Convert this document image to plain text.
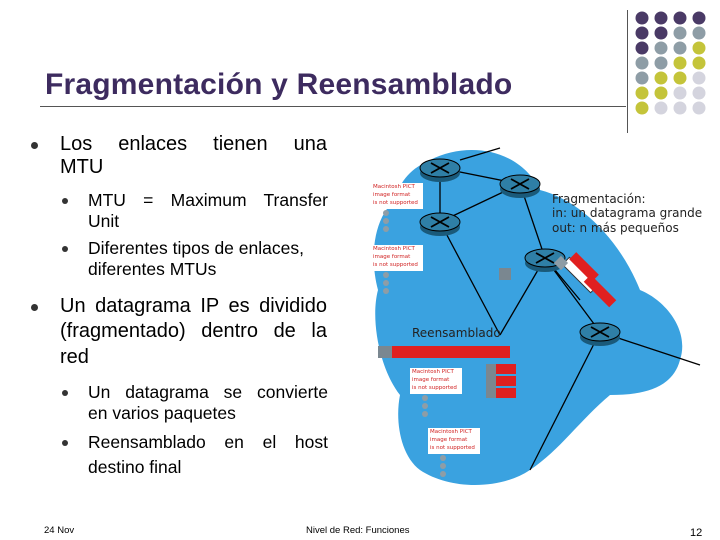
Fragmentación y Reensamblado
Los enlaces tienen una
MTU
MTU = Maximum Transfer
Unit
Diferentes tipos de enlaces,
diferentes MTUs
Un datagrama IP es dividido
(fragmentado) dentro de la
red
Un datagrama se convierte
en varios paquetes
Reensamblado en el host
destino final
Fragmentación:
in: un datagrama grande
out: n más pequeños
Reensamblado
Macintosh PICT
image format
is not supported
Macintosh PICT
image format
is not supported
Macintosh PICT
image format
is not supported
Macintosh PICT
image format
is not supported
24 Nov	Nivel de Red: Funciones	12
